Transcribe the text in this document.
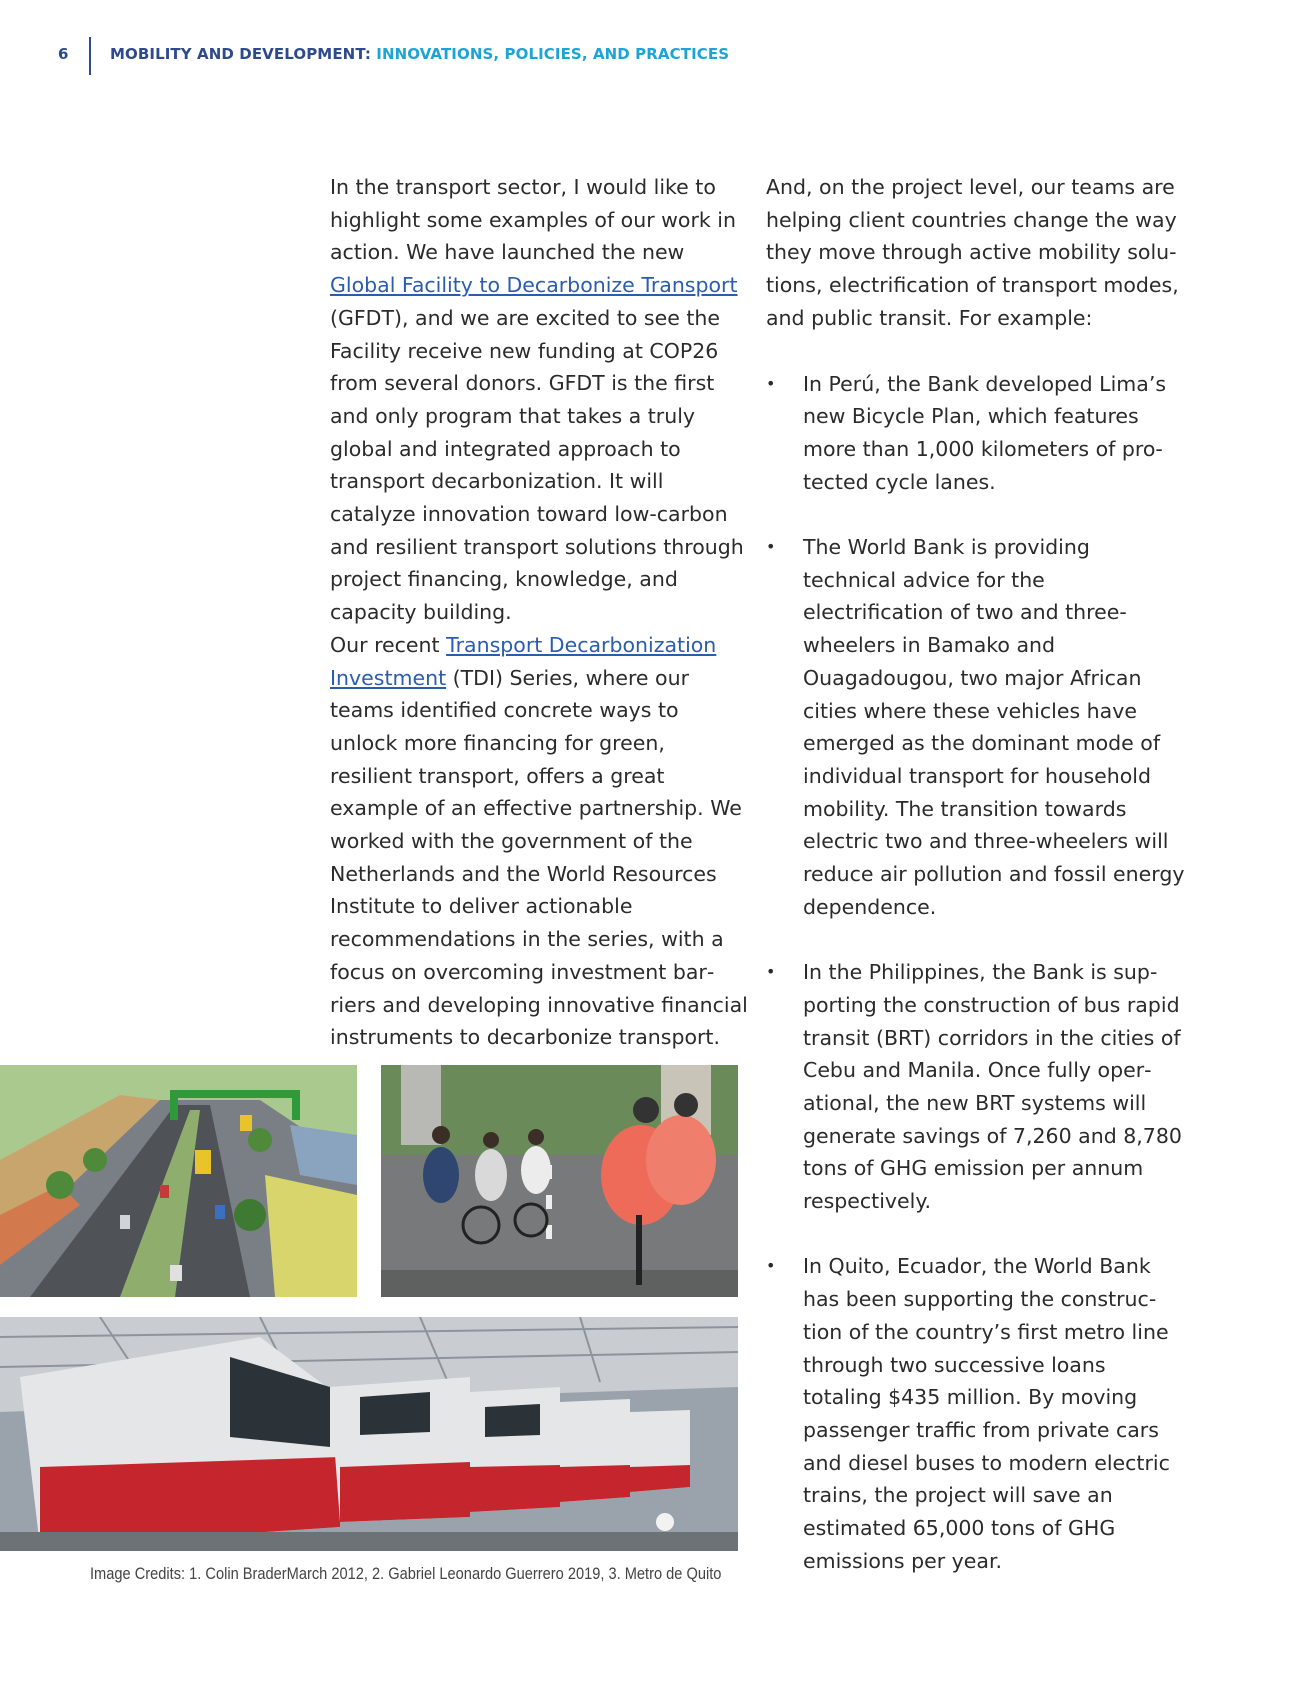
6	MOBILITY AND DEVELOPMENT: INNOVATIONS, POLICIES, AND PRACTICES

In the transport sector, I would like to highlight some examples of our work in action. We have launched the new Global Facility to Decarbonize Transport (GFDT), and we are excited to see the Facility receive new funding at COP26 from several donors. GFDT is the first and only program that takes a truly global and integrated approach to transport decarbonization. It will catalyze innovation toward low-carbon and resilient transport solutions through project financing, knowledge, and capacity building.

Our recent Transport Decarbonization Investment (TDI) Series, where our teams identified concrete ways to unlock more financing for green, resilient transport, offers a great example of an effective partnership. We worked with the government of the Netherlands and the World Resources Institute to deliver actionable recommendations in the series, with a focus on overcoming investment barriers and developing innovative financial instruments to decarbonize transport.

And, on the project level, our teams are helping client countries change the way they move through active mobility solutions, electrification of transport modes, and public transit. For example:

• In Perú, the Bank developed Lima’s new Bicycle Plan, which features more than 1,000 kilometers of protected cycle lanes.
• The World Bank is providing technical advice for the electrification of two and three-wheelers in Bamako and Ouagadougou, two major African cities where these vehicles have emerged as the dominant mode of individual transport for household mobility. The transition towards electric two and three-wheelers will reduce air pollution and fossil energy dependence.
• In the Philippines, the Bank is supporting the construction of bus rapid transit (BRT) corridors in the cities of Cebu and Manila. Once fully operational, the new BRT systems will generate savings of 7,260 and 8,780 tons of GHG emission per annum respectively.
• In Quito, Ecuador, the World Bank has been supporting the construction of the country’s first metro line through two successive loans totaling $435 million. By moving passenger traffic from private cars and diesel buses to modern electric trains, the project will save an estimated 65,000 tons of GHG emissions per year.
Image Credits: 1. Colin BraderMarch 2012, 2. Gabriel Leonardo Guerrero 2019, 3. Metro de Quito
